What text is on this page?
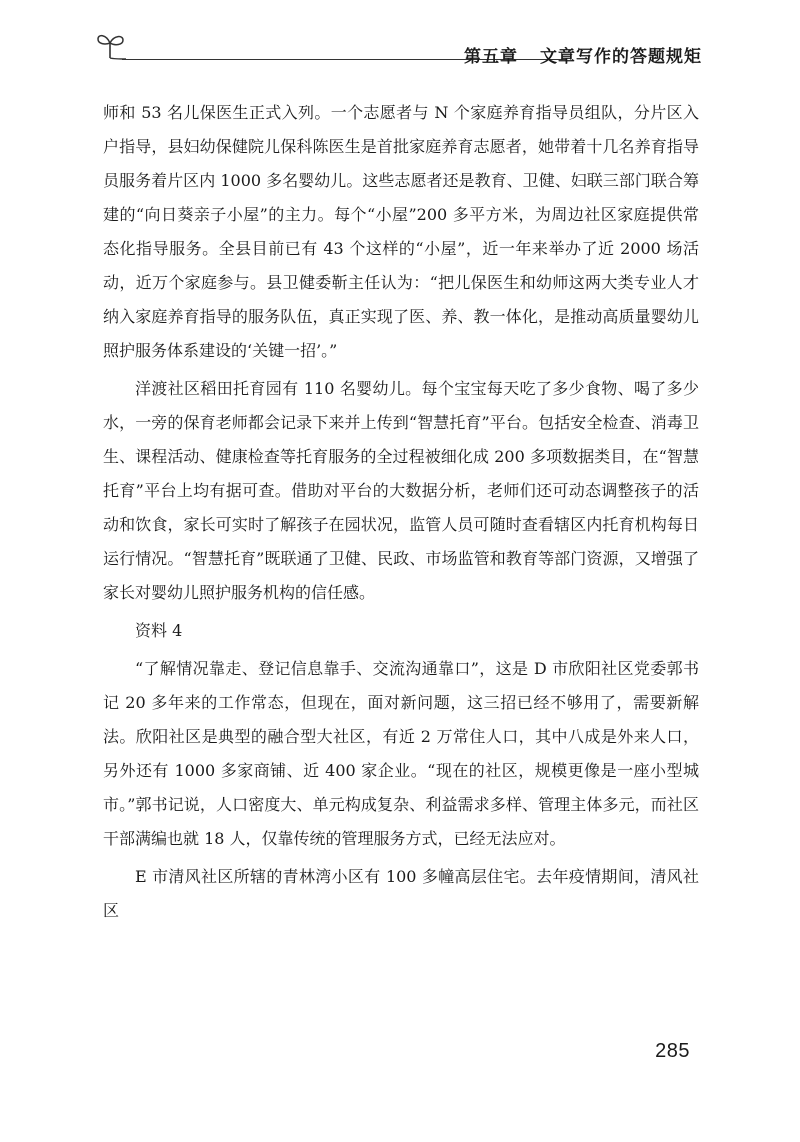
第五章 文章写作的答题规矩

师和 53 名儿保医生正式入列。一个志愿者与 N 个家庭养育指导员组队，分片区入户指导，县妇幼保健院儿保科陈医生是首批家庭养育志愿者，她带着十几名养育指导员服务着片区内 1000 多名婴幼儿。这些志愿者还是教育、卫健、妇联三部门联合筹建的“向日葵亲子小屋”的主力。每个“小屋”200 多平方米，为周边社区家庭提供常态化指导服务。全县目前已有 43 个这样的“小屋”，近一年来举办了近 2000 场活动，近万个家庭参与。县卫健委靳主任认为：“把儿保医生和幼师这两大类专业人才纳入家庭养育指导的服务队伍，真正实现了医、养、教一体化，是推动高质量婴幼儿照护服务体系建设的‘关键一招’。”

洋渡社区稻田托育园有 110 名婴幼儿。每个宝宝每天吃了多少食物、喝了多少水，一旁的保育老师都会记录下来并上传到“智慧托育”平台。包括安全检查、消毒卫生、课程活动、健康检查等托育服务的全过程被细化成 200 多项数据类目，在“智慧托育”平台上均有据可查。借助对平台的大数据分析，老师们还可动态调整孩子的活动和饮食，家长可实时了解孩子在园状况，监管人员可随时查看辖区内托育机构每日运行情况。“智慧托育”既联通了卫健、民政、市场监管和教育等部门资源，又增强了家长对婴幼儿照护服务机构的信任感。

资料 4

“了解情况靠走、登记信息靠手、交流沟通靠口”，这是 D 市欣阳社区党委郭书记 20 多年来的工作常态，但现在，面对新问题，这三招已经不够用了，需要新解法。欣阳社区是典型的融合型大社区，有近 2 万常住人口，其中八成是外来人口，另外还有 1000 多家商铺、近 400 家企业。“现在的社区，规模更像是一座小型城市。”郭书记说，人口密度大、单元构成复杂、利益需求多样、管理主体多元，而社区干部满编也就 18 人，仅靠传统的管理服务方式，已经无法应对。

E 市清风社区所辖的青林湾小区有 100 多幢高层住宅。去年疫情期间，清风社区

285
